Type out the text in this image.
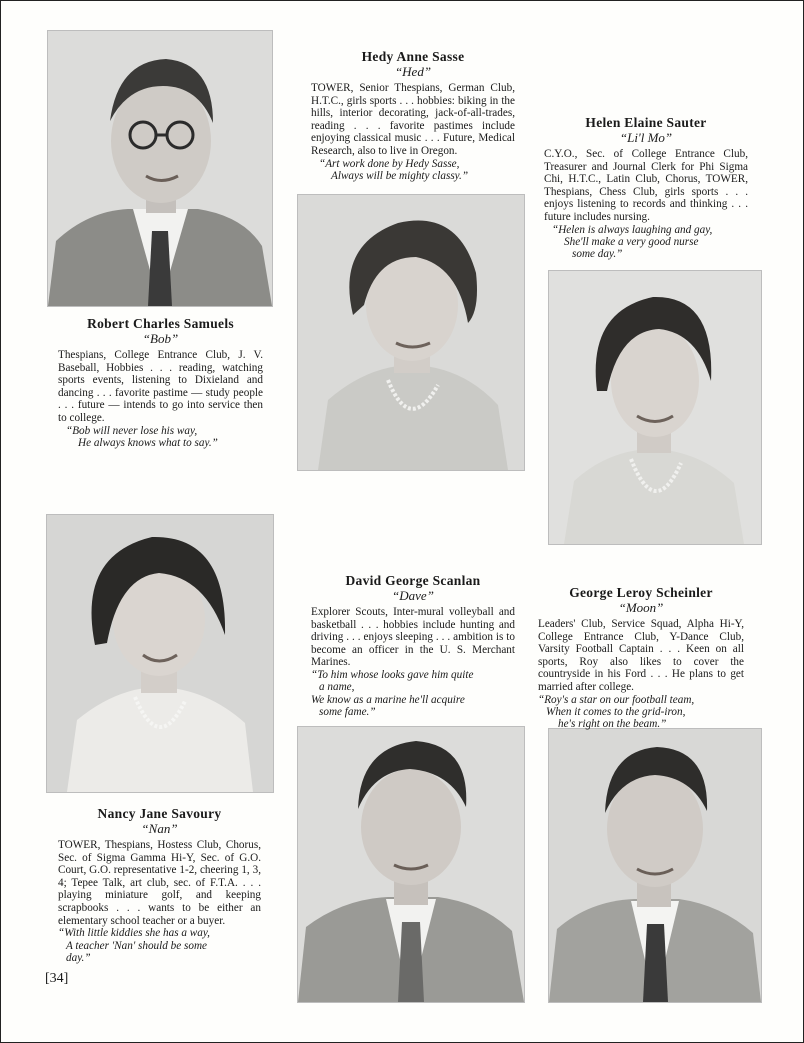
Robert Charles Samuels
“Bob”
Thespians, College Entrance Club, J. V. Baseball, Hobbies . . . reading, watching sports events, listening to Dixieland and dancing . . . favorite pastime — study people . . . future — intends to go into service then to college.
“Bob will never lose his way,
He always knows what to say.”
Hedy Anne Sasse
“Hed”
TOWER, Senior Thespians, German Club, H.T.C., girls sports . . . hobbies: biking in the hills, interior decorating, jack-of-all-trades, reading . . . favorite pastimes include enjoying classical music . . . Future, Medical Research, also to live in Oregon.
“Art work done by Hedy Sasse,
Always will be mighty classy.”
Helen Elaine Sauter
“Li'l Mo”
C.Y.O., Sec. of College Entrance Club, Treasurer and Journal Clerk for Phi Sigma Chi, H.T.C., Latin Club, Chorus, TOWER, Thespians, Chess Club, girls sports . . . enjoys listening to records and thinking . . . future includes nursing.
“Helen is always laughing and gay,
She'll make a very good nurse
some day.”
Nancy Jane Savoury
“Nan”
TOWER, Thespians, Hostess Club, Chorus, Sec. of Sigma Gamma Hi-Y, Sec. of G.O. Court, G.O. representative 1-2, cheering 1, 3, 4; Tepee Talk, art club, sec. of F.T.A. . . . playing miniature golf, and keeping scrapbooks . . . wants to be either an elementary school teacher or a buyer.
“With little kiddies she has a way,
A teacher 'Nan' should be some
day.”
David George Scanlan
“Dave”
Explorer Scouts, Inter-mural volleyball and basketball . . . hobbies include hunting and driving . . . enjoys sleeping . . . ambition is to become an officer in the U. S. Merchant Marines.
“To him whose looks gave him quite
a name,
We know as a marine he'll acquire
some fame.”
George Leroy Scheinler
“Moon”
Leaders' Club, Service Squad, Alpha Hi-Y, College Entrance Club, Y-Dance Club, Varsity Football Captain . . . Keen on all sports, Roy also likes to cover the countryside in his Ford . . . He plans to get married after college.
“Roy's a star on our football team,
When it comes to the grid-iron,
he's right on the beam.”
[34]
